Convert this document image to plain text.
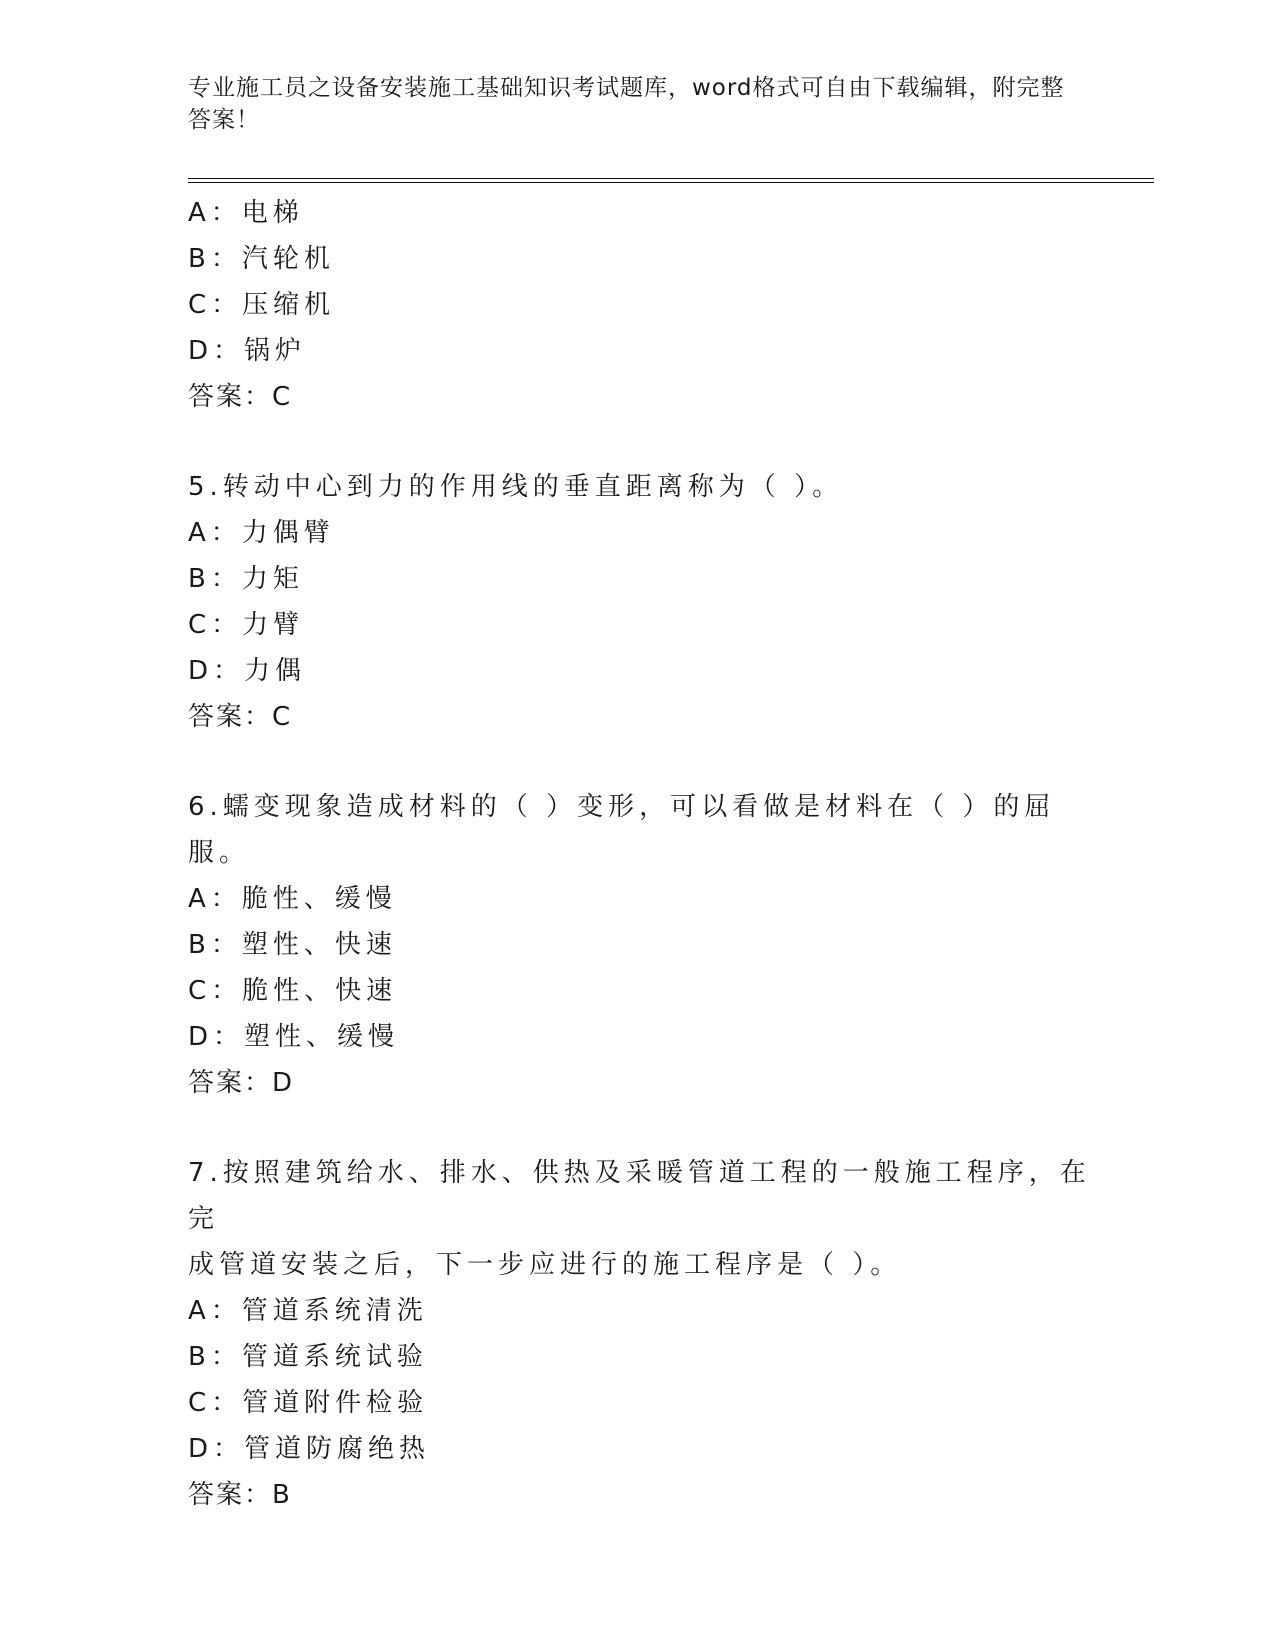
专业施工员之设备安装施工基础知识考试题库，word格式可自由下载编辑，附完整答案！
A：电梯
B：汽轮机
C：压缩机
D：锅炉
答案：C
5.转动中心到力的作用线的垂直距离称为（ ）。
A：力偶臂
B：力矩
C：力臂
D：力偶
答案：C
6.蠕变现象造成材料的（ ）变形，可以看做是材料在（ ）的屈服。
A：脆性、缓慢
B：塑性、快速
C：脆性、快速
D：塑性、缓慢
答案：D
7.按照建筑给水、排水、供热及采暖管道工程的一般施工程序，在完
成管道安装之后，下一步应进行的施工程序是（ ）。
A：管道系统清洗
B：管道系统试验
C：管道附件检验
D：管道防腐绝热
答案：B
